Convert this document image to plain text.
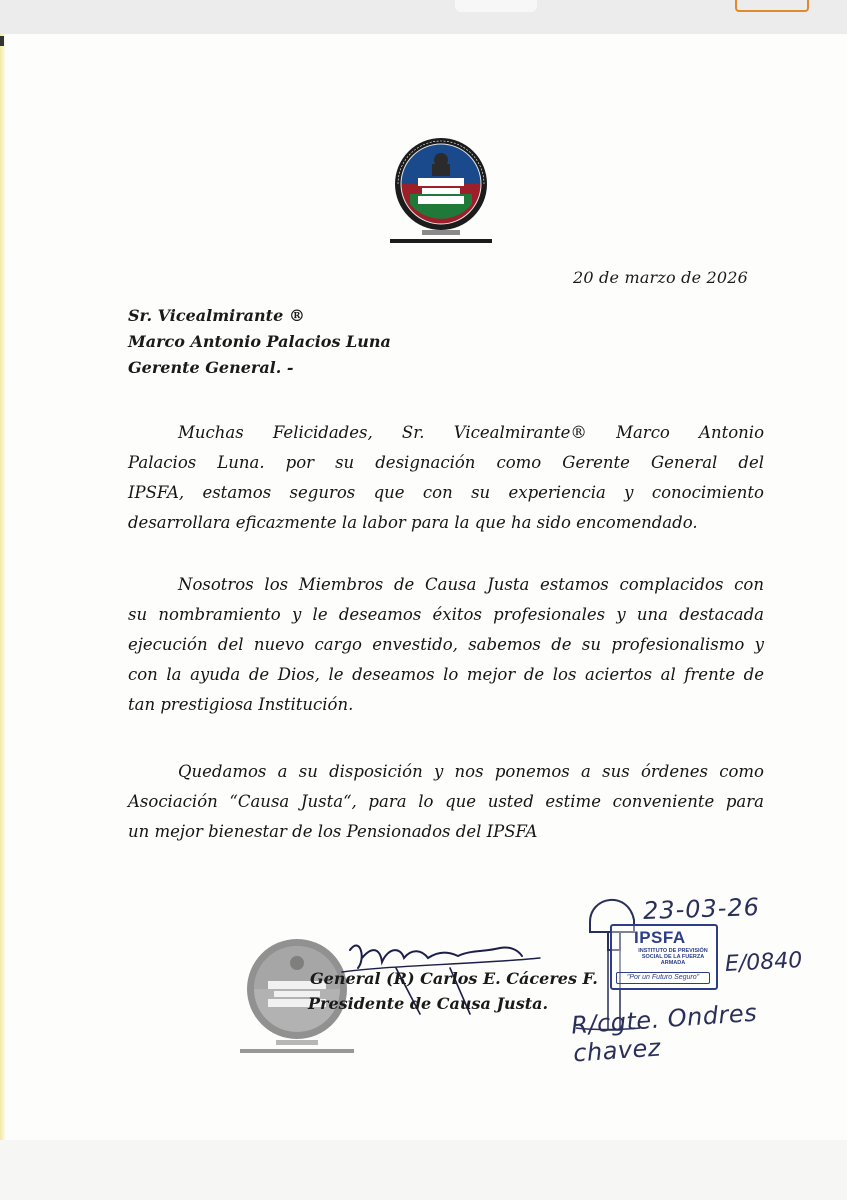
20 de marzo de 2026
Sr. Vicealmirante ®
Marco Antonio Palacios Luna
Gerente General. -
Muchas Felicidades, Sr. Vicealmirante® Marco Antonio
Palacios Luna. por su designación como Gerente General del
IPSFA, estamos seguros que con su experiencia y conocimiento
desarrollara eficazmente la labor para la que ha sido encomendado.
Nosotros los Miembros de Causa Justa estamos complacidos con
su nombramiento y le deseamos éxitos profesionales y una destacada
ejecución del nuevo cargo envestido, sabemos de su profesionalismo y
con la ayuda de Dios, le deseamos lo mejor de los aciertos al frente de
tan prestigiosa Institución.
Quedamos a su disposición y nos ponemos a sus órdenes como
Asociación “Causa Justa“, para lo que usted estime conveniente para
un mejor bienestar de los Pensionados del IPSFA
General (R) Carlos E. Cáceres F.
Presidente de Causa Justa.
IPSFA
INSTITUTO DE PREVISIÓN SOCIAL DE LA FUERZA ARMADA
"Por un Futuro Seguro"
23-03-26
E/0840
R/cgte. Ondres chavez
